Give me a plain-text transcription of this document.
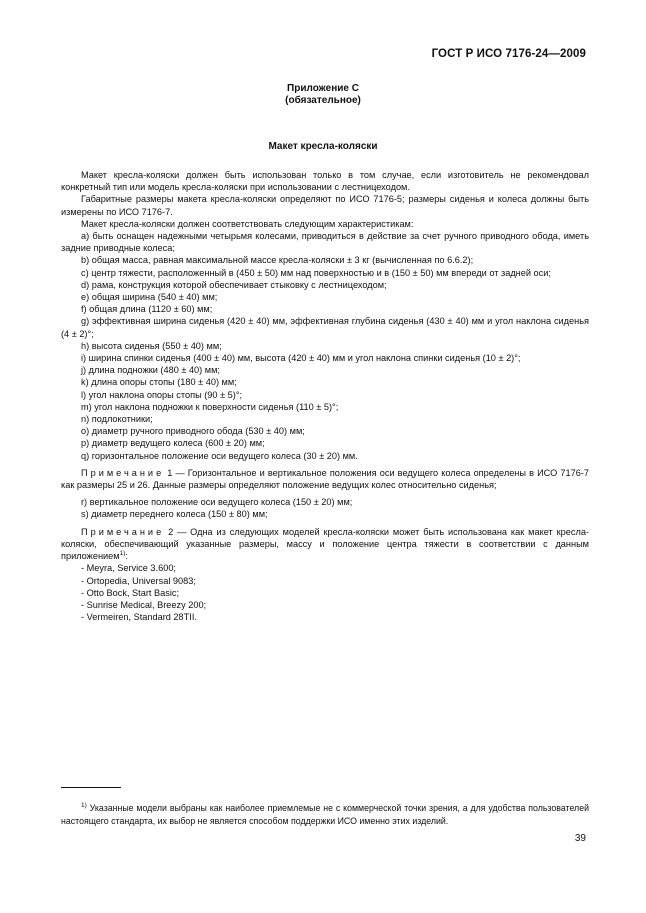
ГОСТ Р ИСО 7176-24—2009
Приложение С
(обязательное)
Макет кресла-коляски

Макет кресла-коляски должен быть использован только в том случае, если изготовитель не рекомендовал конкретный тип или модель кресла-коляски при использовании с лестницеходом.

Габаритные размеры макета кресла-коляски определяют по ИСО 7176-5; размеры сиденья и колеса должны быть измерены по ИСО 7176-7.

Макет кресла-коляски должен соответствовать следующим характеристикам:

a) быть оснащен надежными четырьмя колесами, приводиться в действие за счет ручного приводного обода, иметь задние приводные колеса;

b) общая масса, равная максимальной массе кресла-коляски ± 3 кг (вычисленная по 6.6.2);

c) центр тяжести, расположенный в (450 ± 50) мм над поверхностью и в (150 ± 50) мм впереди от задней оси;

d) рама, конструкция которой обеспечивает стыковку с лестницеходом;

e) общая ширина (540 ± 40) мм;

f) общая длина (1120 ± 60) мм;

g) эффективная ширина сиденья (420 ± 40) мм, эффективная глубина сиденья (430 ± 40) мм и угол наклона сиденья (4 ± 2)°;

h) высота сиденья (550 ± 40) мм;

i) ширина спинки сиденья (400 ± 40) мм, высота (420 ± 40) мм и угол наклона спинки сиденья (10 ± 2)°;

j) длина подножки (480 ± 40) мм;

k) длина опоры стопы (180 ± 40) мм;

l) угол наклона опоры стопы (90 ± 5)°;

m) угол наклона подножки к поверхности сиденья (110 ± 5)°;

n) подлокотники;

o) диаметр ручного приводного обода (530 ± 40) мм;

p) диаметр ведущего колеса (600 ± 20) мм;

q) горизонтальное положение оси ведущего колеса (30 ± 20) мм.

Примечание 1 — Горизонтальное и вертикальное положения оси ведущего колеса определены в ИСО 7176-7 как размеры 25 и 26. Данные размеры определяют положение ведущих колес относительно сиденья;

r) вертикальное положение оси ведущего колеса (150 ± 20) мм;

s) диаметр переднего колеса (150 ± 80) мм;

Примечание 2 — Одна из следующих моделей кресла-коляски может быть использована как макет кресла-коляски, обеспечивающий указанные размеры, массу и положение центра тяжести в соответствии с данным приложением$^{1)}$:

- Meyra, Service 3.600;

- Ortopedia, Universal 9083;

- Otto Bock, Start Basic;

- Sunrise Medical, Breezy 200;

- Vermeiren, Standard 28TII.

$^{1)}$ Указанные модели выбраны как наиболее приемлемые не с коммерческой точки зрения, а для удобства пользователей настоящего стандарта, их выбор не является способом поддержки ИСО именно этих изделий.

39
